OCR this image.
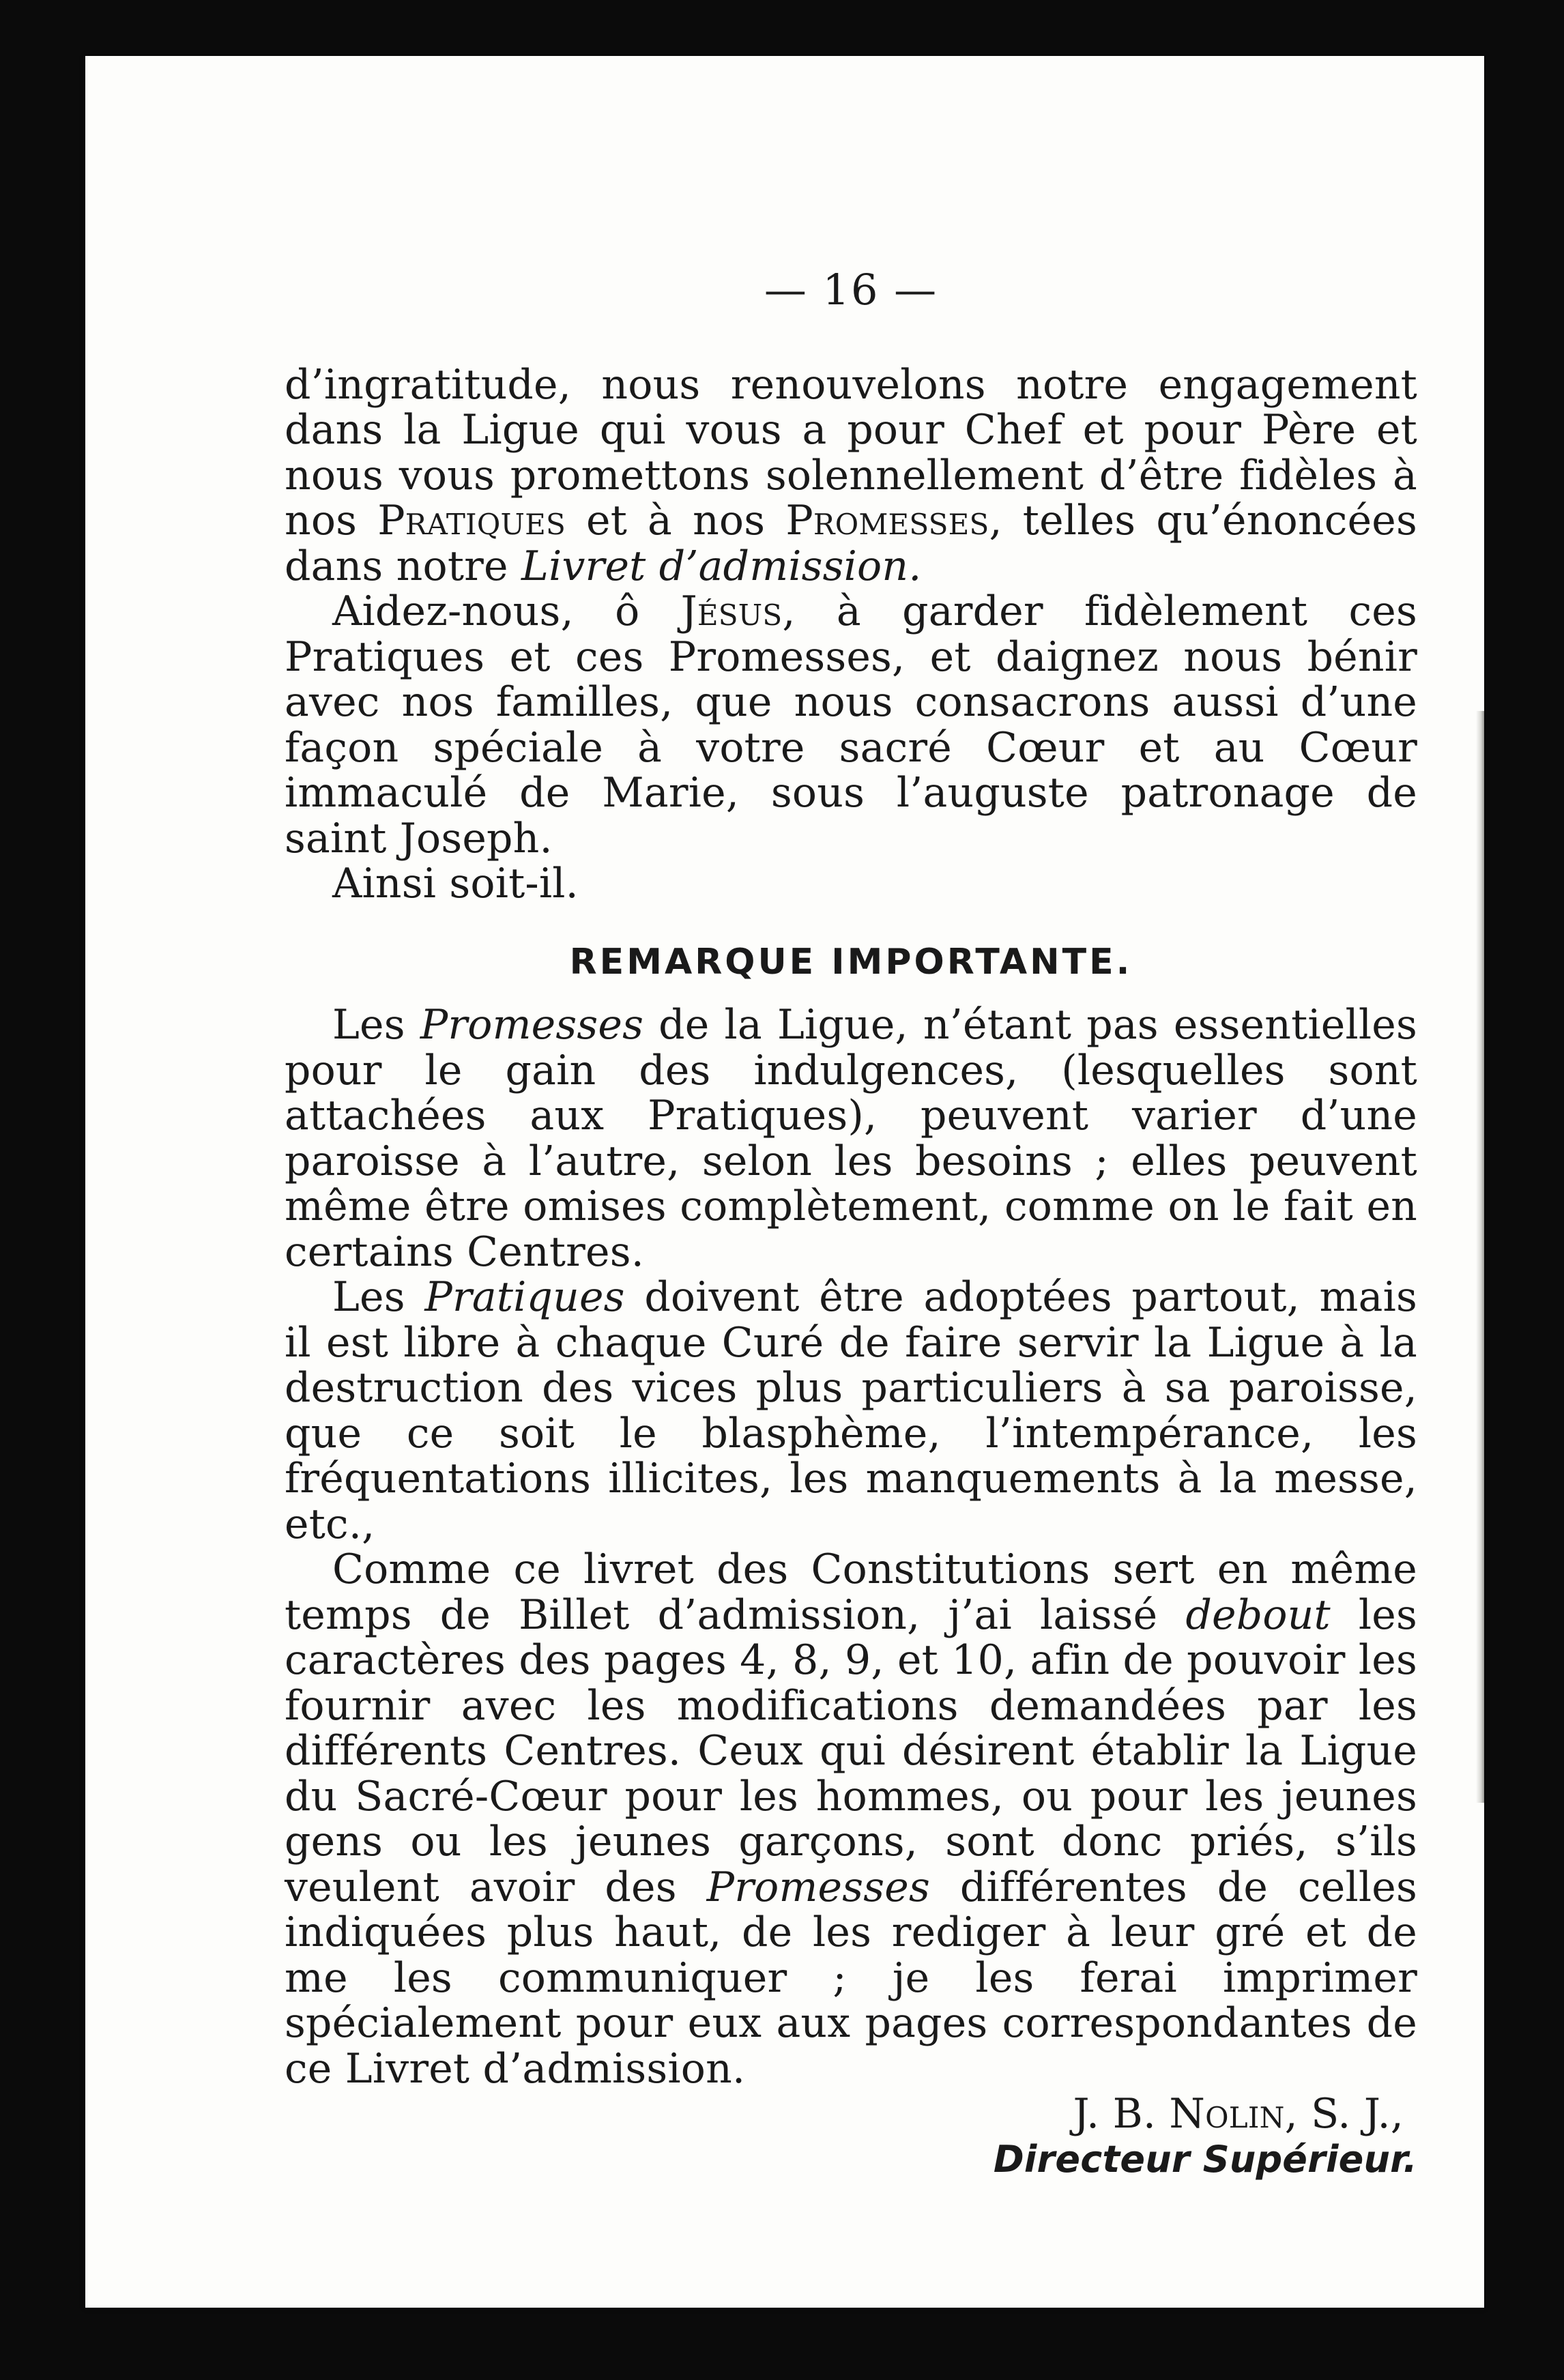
— 16 —

d’ingratitude, nous renouvelons notre engagement dans la Ligue qui vous a pour Chef et pour Père et nous vous promettons solennellement d’être fidèles à nos Pratiques et à nos Promesses, telles qu’énoncées dans notre Livret d’admission.

Aidez-nous, ô Jésus, à garder fidèlement ces Pratiques et ces Promesses, et daignez nous bénir avec nos familles, que nous consacrons aussi d’une façon spéciale à votre sacré Cœur et au Cœur immaculé de Marie, sous l’auguste patronage de saint Joseph.

Ainsi soit-il.

REMARQUE IMPORTANTE.

Les Promesses de la Ligue, n’étant pas essentielles pour le gain des indulgences, (lesquelles sont attachées aux Pratiques), peuvent varier d’une paroisse à l’autre, selon les besoins ; elles peuvent même être omises complètement, comme on le fait en certains Centres.

Les Pratiques doivent être adoptées partout, mais il est libre à chaque Curé de faire servir la Ligue à la destruction des vices plus particuliers à sa paroisse, que ce soit le blasphème, l’intempérance, les fréquentations illicites, les manquements à la messe, etc.,

Comme ce livret des Constitutions sert en même temps de Billet d’admission, j’ai laissé debout les caractères des pages 4, 8, 9, et 10, afin de pouvoir les fournir avec les modifications demandées par les différents Centres. Ceux qui désirent établir la Ligue du Sacré-Cœur pour les hommes, ou pour les jeunes gens ou les jeunes garçons, sont donc priés, s’ils veulent avoir des Promesses différentes de celles indiquées plus haut, de les rediger à leur gré et de me les communiquer ; je les ferai imprimer spécialement pour eux aux pages correspondantes de ce Livret d’admission.

J. B. Nolin, S. J.,
Directeur Supérieur.
